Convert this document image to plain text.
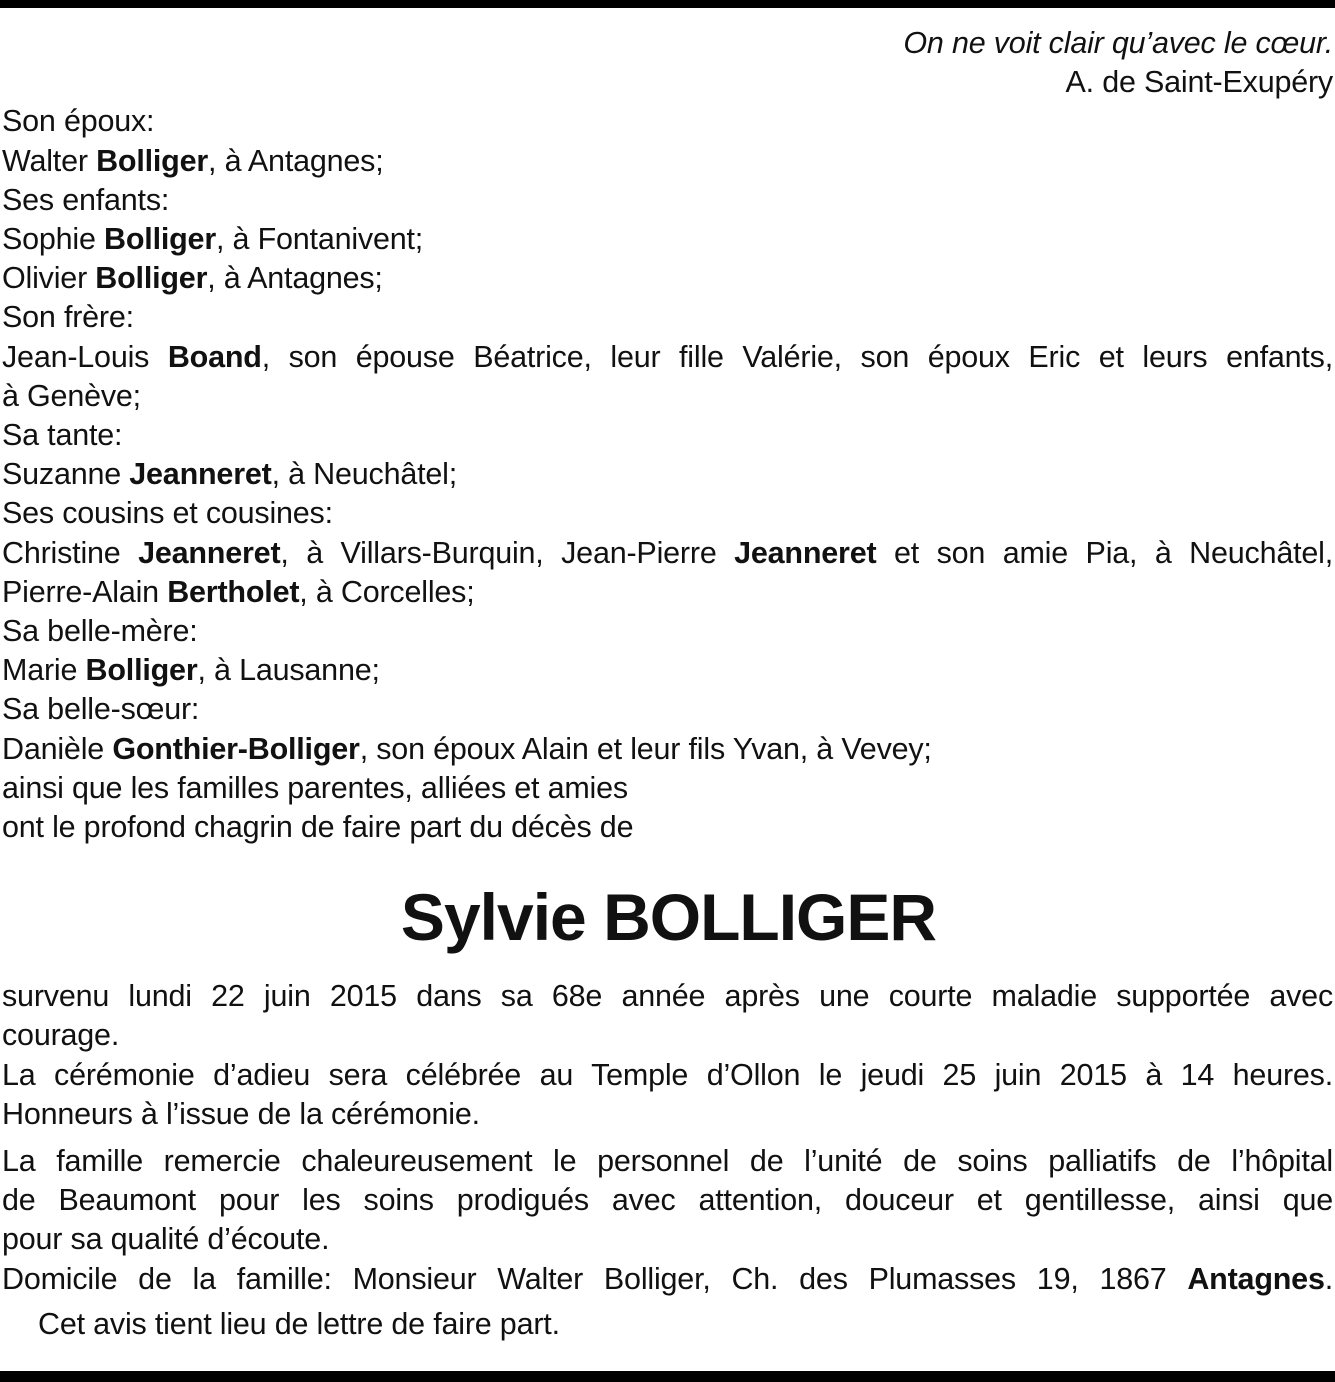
On ne voit clair qu’avec le cœur.
A. de Saint-Exupéry
Son époux:
Walter Bolliger, à Antagnes;
Ses enfants:
Sophie Bolliger, à Fontanivent;
Olivier Bolliger, à Antagnes;
Son frère:
Jean-Louis Boand, son épouse Béatrice, leur fille Valérie, son époux Eric et leurs enfants,
à Genève;
Sa tante:
Suzanne Jeanneret, à Neuchâtel;
Ses cousins et cousines:
Christine Jeanneret, à Villars-Burquin, Jean-Pierre Jeanneret et son amie Pia, à Neuchâtel,
Pierre-Alain Bertholet, à Corcelles;
Sa belle-mère:
Marie Bolliger, à Lausanne;
Sa belle-sœur:
Danièle Gonthier-Bolliger, son époux Alain et leur fils Yvan, à Vevey;
ainsi que les familles parentes, alliées et amies
ont le profond chagrin de faire part du décès de
Sylvie BOLLIGER
survenu lundi 22 juin 2015 dans sa 68e année après une courte maladie supportée avec
courage.
La cérémonie d’adieu sera célébrée au Temple d’Ollon le jeudi 25 juin 2015 à 14 heures.
Honneurs à l’issue de la cérémonie.
La famille remercie chaleureusement le personnel de l’unité de soins palliatifs de l’hôpital
de Beaumont pour les soins prodigués avec attention, douceur et gentillesse, ainsi que
pour sa qualité d’écoute.
Domicile de la famille: Monsieur Walter Bolliger, Ch. des Plumasses 19, 1867 Antagnes.
Cet avis tient lieu de lettre de faire part.
